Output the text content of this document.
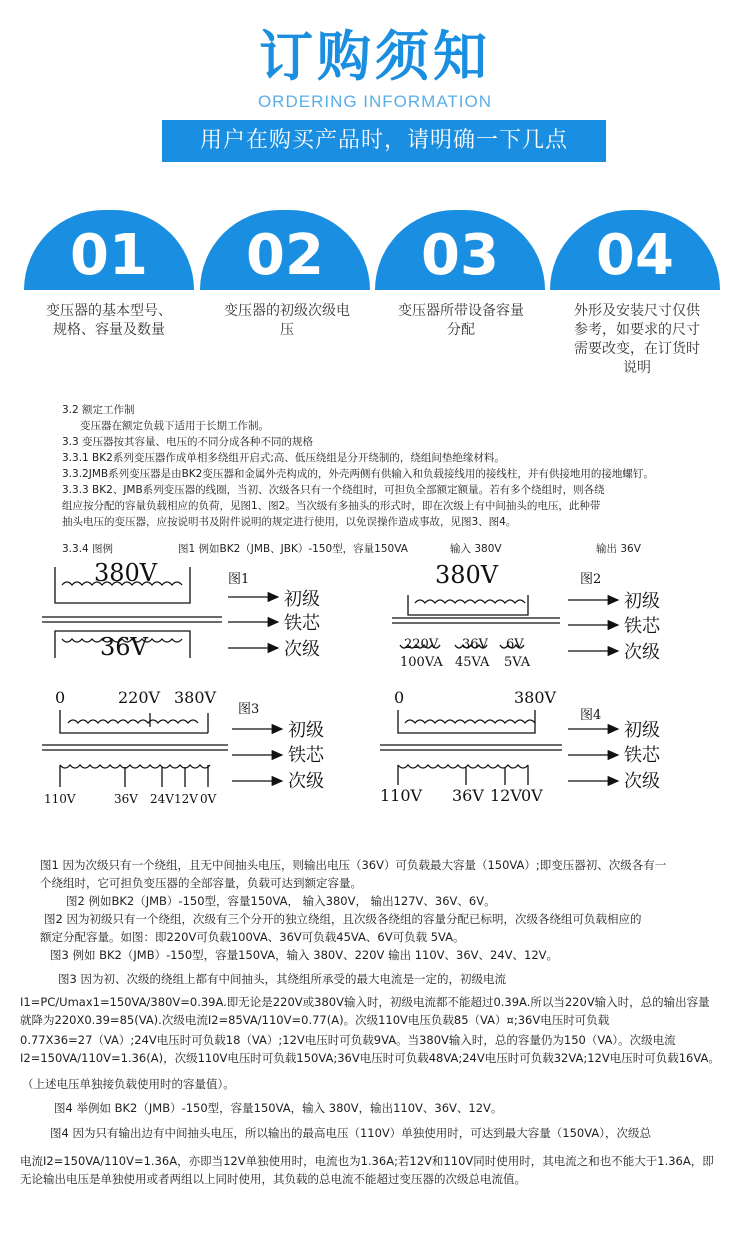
订购须知
ORDERING INFORMATION
用户在购买产品时，请明确一下几点
01	02	03	04
变压器的基本型号、规格、容量及数量
变压器的初级次级电压
变压器所带设备容量分配
外形及安装尺寸仅供参考，如要求的尺寸需要改变，在订货时说明
3.2 额定工作制
变压器在额定负载下适用于长期工作制。
3.3 变压器按其容量、电压的不同分成各种不同的规格
3.3.1 BK2系列变压器作成单相多绕组开启式;高、低压绕组是分开绕制的，绕组间垫绝缘材料。
3.3.2JMB系列变压器是由BK2变压器和金属外壳构成的，外壳两侧有供输入和负载接线用的接线柱，并有供接地用的接地螺钉。
3.3.3 BK2、JMB系列变压器的线圈，当初、次级各只有一个绕组时，可担负全部额定额量。若有多个绕组时，则各绕
组应按分配的容量负载相应的负荷，见图1、图2。当次级有多抽头的形式时，即在次级上有中间抽头的电压，此种带
抽头电压的变压器，应按说明书及附件说明的规定进行使用，以免误操作造成事故，见图3、图4。
3.3.4 图例	图1 例如BK2（JMB、JBK）-150型，容量150VA	输入 380V	输出 36V
380V	图1
36V
初级
铁芯
次级
380V	图2
220V
100VA
36V
45VA
6V
5VA
初级
铁芯
次级
0	220V 380V
图3
110V	36V 24V 12V 0V
初级
铁芯
次级
0	380V
图4
110V 36V 12V 0V
初级
铁芯
次级
图1 因为次级只有一个绕组，且无中间抽头电压，则输出电压（36V）可负载最大容量（150VA）;即变压器初、次级各有一
个绕组时，它可担负变压器的全部容量，负载可达到额定容量。
图2 例如BK2（JMB）-150型，容量150VA， 输入380V， 输出127V、36V、6V。
图2 因为初级只有一个绕组，次级有三个分开的独立绕组，且次级各绕组的容量分配已标明，次级各绕组可负载相应的
额定分配容量。如图：即220V可负载100VA、36V可负载45VA、6V可负载 5VA。
图3 例如 BK2（JMB）-150型，容量150VA，输入 380V、220V 输出 110V、36V、24V、12V。
图3 因为初、次级的绕组上都有中间抽头，其绕组所承受的最大电流是一定的，初级电流
I1=PC/Umax1=150VA/380V=0.39A.即无论是220V或380V输入时，初级电流都不能超过0.39A.所以当220V输入时，总的输出容量
就降为220X0.39=85(VA).次级电流I2=85VA/110V=0.77(A)。次级110V电压负载85（VA）¤;36V电压时可负载
0.77X36=27（VA）;24V电压时可负载18（VA）;12V电压时可负载9VA。当380V输入时，总的容量仍为150（VA）。次级电流
I2=150VA/110V=1.36(A)，次级110V电压时可负载150VA;36V电压时可负载48VA;24V电压时可负载32VA;12V电压时可负载16VA。
（上述电压单独接负载使用时的容量值）。
图4 举例如 BK2（JMB）-150型，容量150VA，输入 380V，输出110V、36V、12V。
图4 因为只有输出边有中间抽头电压，所以输出的最高电压（110V）单独使用时，可达到最大容量（150VA），次级总
电流I2=150VA/110V=1.36A，亦即当12V单独使用时，电流也为1.36A;若12V和110V同时使用时，其电流之和也不能大于1.36A，即
无论输出电压是单独使用或者两组以上同时使用，其负载的总电流不能超过变压器的次级总电流值。
